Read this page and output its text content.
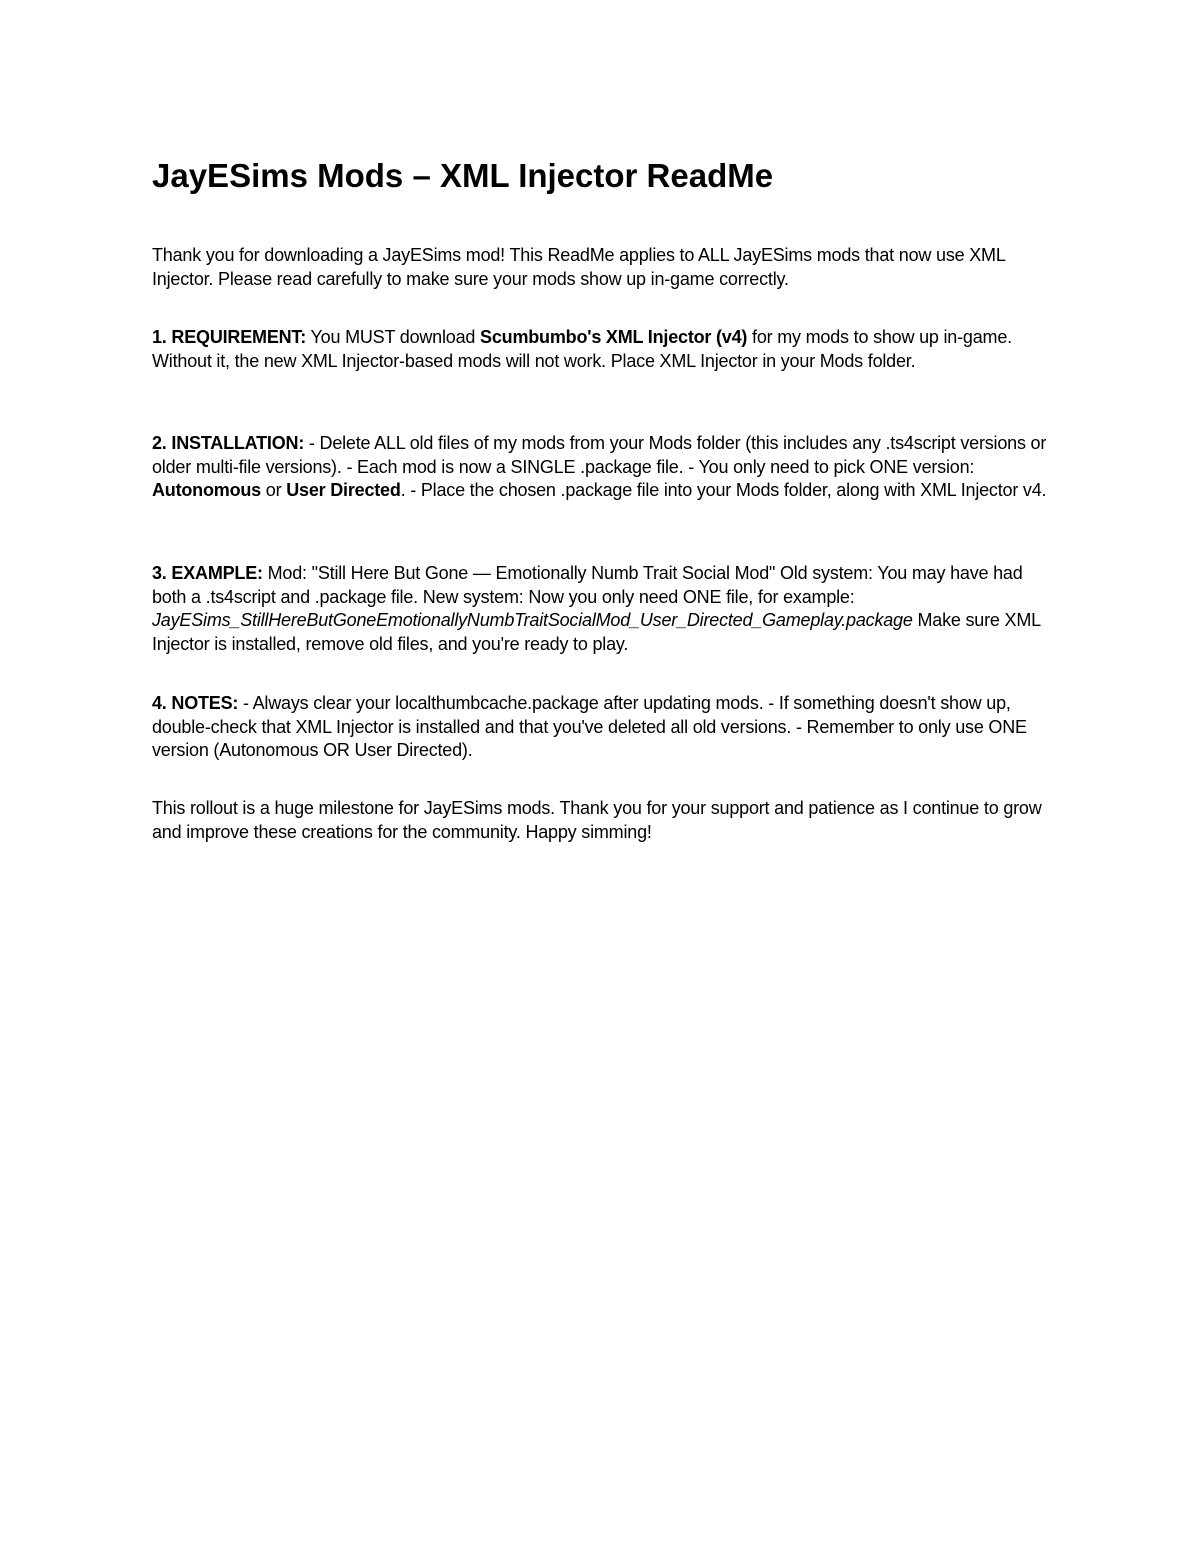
JayESims Mods – XML Injector ReadMe

Thank you for downloading a JayESims mod! This ReadMe applies to ALL JayESims mods that now use XML Injector. Please read carefully to make sure your mods show up in-game correctly.

1. REQUIREMENT: You MUST download Scumbumbo's XML Injector (v4) for my mods to show up in-game. Without it, the new XML Injector-based mods will not work. Place XML Injector in your Mods folder.

2. INSTALLATION: - Delete ALL old files of my mods from your Mods folder (this includes any .ts4script versions or older multi-file versions). - Each mod is now a SINGLE .package file. - You only need to pick ONE version: Autonomous or User Directed. - Place the chosen .package file into your Mods folder, along with XML Injector v4.

3. EXAMPLE: Mod: "Still Here But Gone — Emotionally Numb Trait Social Mod" Old system: You may have had both a .ts4script and .package file. New system: Now you only need ONE file, for example: JayESims_StillHereButGoneEmotionallyNumbTraitSocialMod_User_Directed_Gameplay.package Make sure XML Injector is installed, remove old files, and you're ready to play.

4. NOTES: - Always clear your localthumbcache.package after updating mods. - If something doesn't show up, double-check that XML Injector is installed and that you've deleted all old versions. - Remember to only use ONE version (Autonomous OR User Directed).

This rollout is a huge milestone for JayESims mods. Thank you for your support and patience as I continue to grow and improve these creations for the community. Happy simming!
